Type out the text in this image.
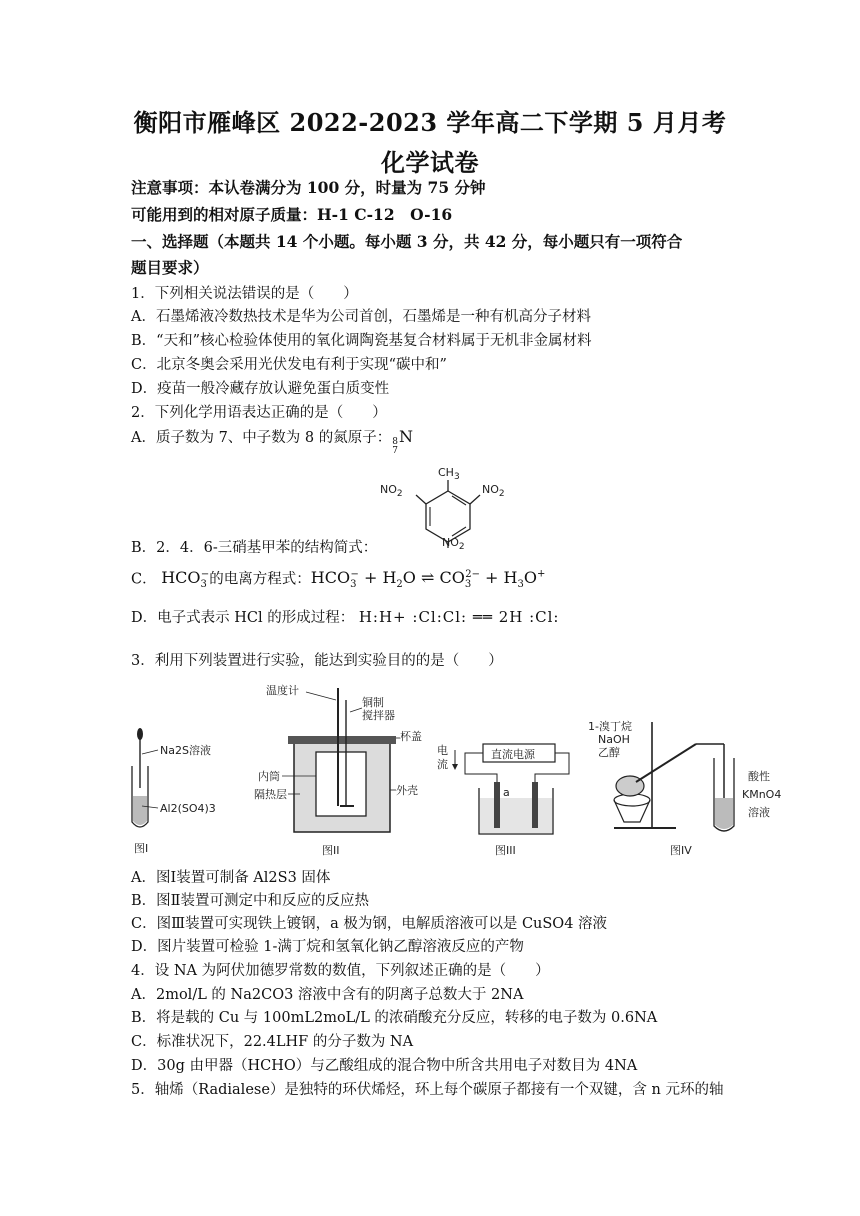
衡阳市雁峰区 2022-2023 学年高二下学期 5 月月考
化学试卷
注意事项：本认卷满分为 100 分，时量为 75 分钟
可能用到的相对原子质量：H-1 C-12　O-16
一、选择题（本题共 14 个小题。每小题 3 分，共 42 分，每小题只有一项符合
题目要求）
1．下列相关说法错误的是（　　）
A．石墨烯液冷数热技术是华为公司首创，石墨烯是一种有机高分子材料
B．“天和”核心检验体使用的氧化调陶瓷基复合材料属于无机非金属材料
C．北京冬奥会采用光伏发电有利于实现“碳中和”
D．疫苗一般冷藏存放认避免蛋白质变性
2．下列化学用语表达正确的是（　　）
A．质子数为 7、中子数为 8 的氮原子： 8
7
N
$CH_3$
$NO_2$	$NO_2$
$NO_2$
B．2．4．6-三硝基甲苯的结构简式：
C． $HCO_3^-$的电离方程式：$HCO_3^- + H_2O$ ⇌ $CO_3^{2-} + H_3O^+$
D．电子式表示 HCl 的形成过程： H:H+ :Cl:Cl: ══ 2H :Cl:
3．利用下列装置进行实验，能达到实验目的的是（　　）
Na2S溶液
Al2(SO4)3
图I
温度计
铜制
搅拌器
杯盖
内筒
隔热层	外壳
图II
电
流
直流电源
a
图III
1-溴丁烷
NaOH
乙醇
酸性
KMnO4
溶液
图IV
A．图Ⅰ装置可制备 Al2S3 固体
B．图Ⅱ装置可测定中和反应的反应热
C．图Ⅲ装置可实现铁上镀钢，a 极为钢，电解质溶液可以是 CuSO4 溶液
D．图片装置可检验 1-满丁烷和氢氧化钠乙醇溶液反应的产物
4．设 NA 为阿伏加德罗常数的数值，下列叙述正确的是（　　）
A．2mol/L 的 Na2CO3 溶液中含有的阴离子总数大于 2NA
B．将是载的 Cu 与 100mL2moL/L 的浓硝酸充分反应，转移的电子数为 0.6NA
C．标准状况下，22.4LHF 的分子数为 NA
D．30g 由甲器（HCHO）与乙酸组成的混合物中所含共用电子对数目为 4NA
5．轴烯（Radialese）是独特的环伏烯烃，环上每个碳原子都接有一个双键，含 n 元环的轴
